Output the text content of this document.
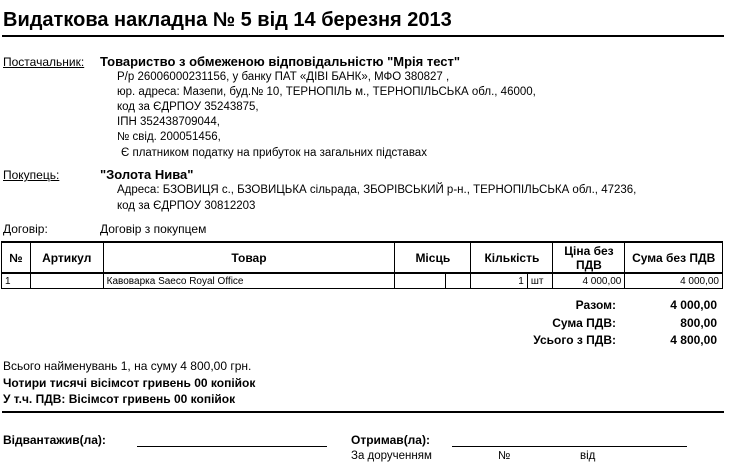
Видаткова накладна № 5 від 14 березня 2013
Постачальник: Товариство з обмеженою відповідальністю "Мрія тест"
Р/р 26006000231156, у банку ПАТ «ДІВІ БАНК», МФО 380827 ,
юр. адреса: Мазепи, буд.№ 10, ТЕРНОПІЛЬ м., ТЕРНОПІЛЬСЬКА обл., 46000,
код за ЄДРПОУ 35243875,
ІПН 352438709044,
№ свід. 200051456,
Є платником податку на прибуток на загальних підставах
Покупець:	"Золота Нива"
Адреса: БЗОВИЦЯ с., БЗОВИЦЬКА сільрада, ЗБОРІВСЬКИЙ р-н., ТЕРНОПІЛЬСЬКА обл., 47236,
код за ЄДРПОУ 30812203
Договір:	Договір з покупцем
№	Артикул	Товар	Місць		Кількість		Ціна без ПДВ	Сума без ПДВ
1		Кавоварка Saeco Royal Office			1	шт	4 000,00	4 000,00
Разом:	4 000,00
Сума ПДВ:	800,00
Усього з ПДВ:	4 800,00
Всього найменувань 1, на суму 4 800,00 грн.
Чотири тисячі вісімсот гривень 00 копійок
У т.ч. ПДВ: Вісімсот гривень 00 копійок
Відвантажив(ла):	Отримав(ла):
За дорученням	№	від
